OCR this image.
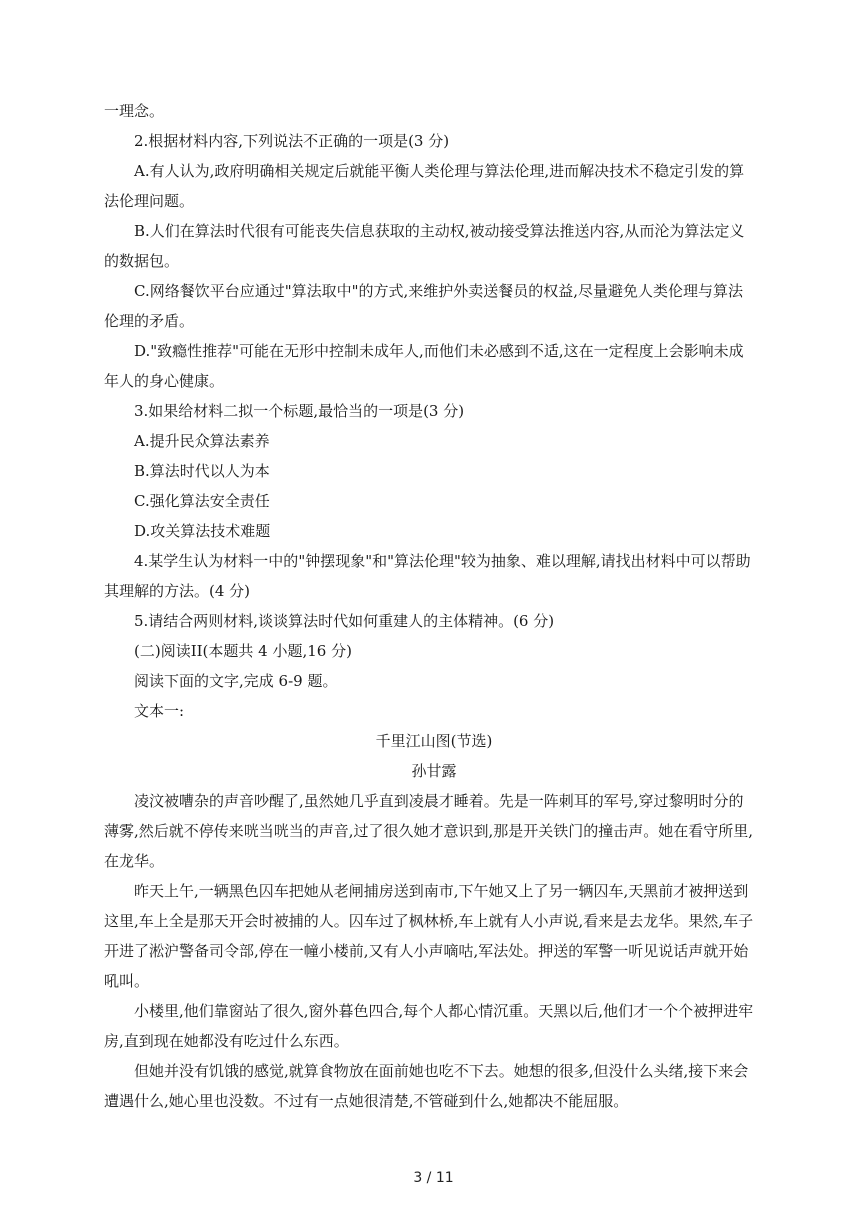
一理念。
2.根据材料内容,下列说法不正确的一项是(3 分)
A.有人认为,政府明确相关规定后就能平衡人类伦理与算法伦理,进而解决技术不稳定引发的算
法伦理问题。
B.人们在算法时代很有可能丧失信息获取的主动权,被动接受算法推送内容,从而沦为算法定义
的数据包。
C.网络餐饮平台应通过"算法取中"的方式,来维护外卖送餐员的权益,尽量避免人类伦理与算法
伦理的矛盾。
D."致瘾性推荐"可能在无形中控制未成年人,而他们未必感到不适,这在一定程度上会影响未成
年人的身心健康。
3.如果给材料二拟一个标题,最恰当的一项是(3 分)
A.提升民众算法素养
B.算法时代以人为本
C.强化算法安全责任
D.攻关算法技术难题
4.某学生认为材料一中的"钟摆现象"和"算法伦理"较为抽象、难以理解,请找出材料中可以帮助
其理解的方法。(4 分)
5.请结合两则材料,谈谈算法时代如何重建人的主体精神。(6 分)
(二)阅读II(本题共 4 小题,16 分)
阅读下面的文字,完成 6-9 题。
文本一:
千里江山图(节选)
孙甘露
凌汶被嘈杂的声音吵醒了,虽然她几乎直到凌晨才睡着。先是一阵刺耳的军号,穿过黎明时分的
薄雾,然后就不停传来咣当咣当的声音,过了很久她才意识到,那是开关铁门的撞击声。她在看守所里,
在龙华。
昨天上午,一辆黑色囚车把她从老闸捕房送到南市,下午她又上了另一辆囚车,天黑前才被押送到
这里,车上全是那天开会时被捕的人。囚车过了枫林桥,车上就有人小声说,看来是去龙华。果然,车子
开进了淞沪警备司令部,停在一幢小楼前,又有人小声嘀咕,军法处。押送的军警一听见说话声就开始
吼叫。
小楼里,他们靠窗站了很久,窗外暮色四合,每个人都心情沉重。天黑以后,他们才一个个被押进牢
房,直到现在她都没有吃过什么东西。
但她并没有饥饿的感觉,就算食物放在面前她也吃不下去。她想的很多,但没什么头绪,接下来会
遭遇什么,她心里也没数。不过有一点她很清楚,不管碰到什么,她都决不能屈服。
3 / 11
